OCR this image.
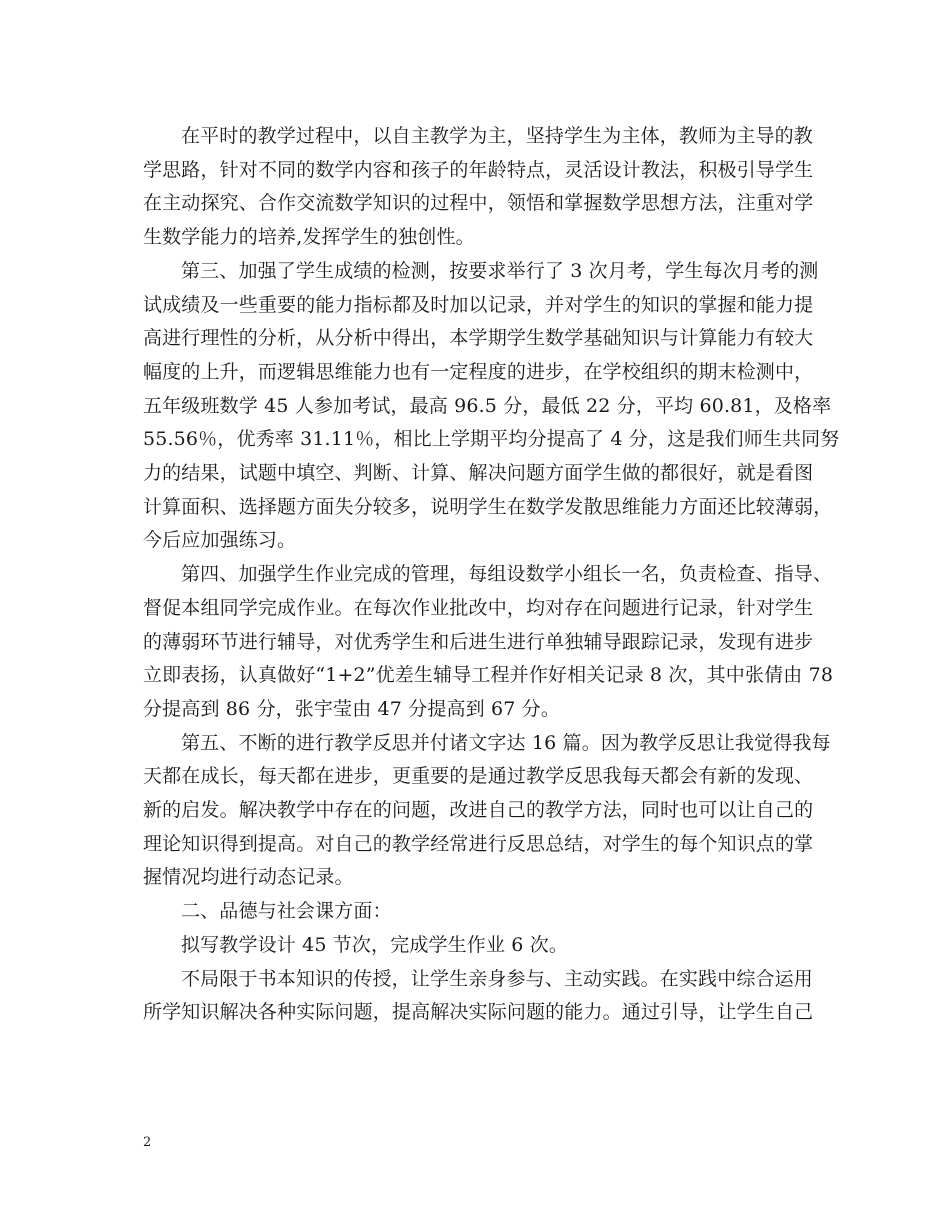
在平时的教学过程中，以自主教学为主，坚持学生为主体，教师为主导的教
学思路，针对不同的数学内容和孩子的年龄特点，灵活设计教法，积极引导学生
在主动探究、合作交流数学知识的过程中，领悟和掌握数学思想方法，注重对学
生数学能力的培养,发挥学生的独创性。
第三、加强了学生成绩的检测，按要求举行了 3 次月考，学生每次月考的测
试成绩及一些重要的能力指标都及时加以记录，并对学生的知识的掌握和能力提
高进行理性的分析，从分析中得出，本学期学生数学基础知识与计算能力有较大
幅度的上升，而逻辑思维能力也有一定程度的进步，在学校组织的期末检测中，
五年级班数学 45 人参加考试，最高 96.5 分，最低 22 分，平均 60.81，及格率
55.56％，优秀率 31.11％，相比上学期平均分提高了 4 分，这是我们师生共同努
力的结果，试题中填空、判断、计算、解决问题方面学生做的都很好，就是看图
计算面积、选择题方面失分较多，说明学生在数学发散思维能力方面还比较薄弱，
今后应加强练习。
第四、加强学生作业完成的管理，每组设数学小组长一名，负责检查、指导、
督促本组同学完成作业。在每次作业批改中，均对存在问题进行记录，针对学生
的薄弱环节进行辅导，对优秀学生和后进生进行单独辅导跟踪记录，发现有进步
立即表扬，认真做好“1+2”优差生辅导工程并作好相关记录 8 次，其中张倩由 78
分提高到 86 分，张宇莹由 47 分提高到 67 分。
第五、不断的进行教学反思并付诸文字达 16 篇。因为教学反思让我觉得我每
天都在成长，每天都在进步，更重要的是通过教学反思我每天都会有新的发现、
新的启发。解决教学中存在的问题，改进自己的教学方法，同时也可以让自己的
理论知识得到提高。对自己的教学经常进行反思总结，对学生的每个知识点的掌
握情况均进行动态记录。
二、品德与社会课方面：
拟写教学设计 45 节次，完成学生作业 6 次。
不局限于书本知识的传授，让学生亲身参与、主动实践。在实践中综合运用
所学知识解决各种实际问题，提高解决实际问题的能力。通过引导，让学生自己
2
